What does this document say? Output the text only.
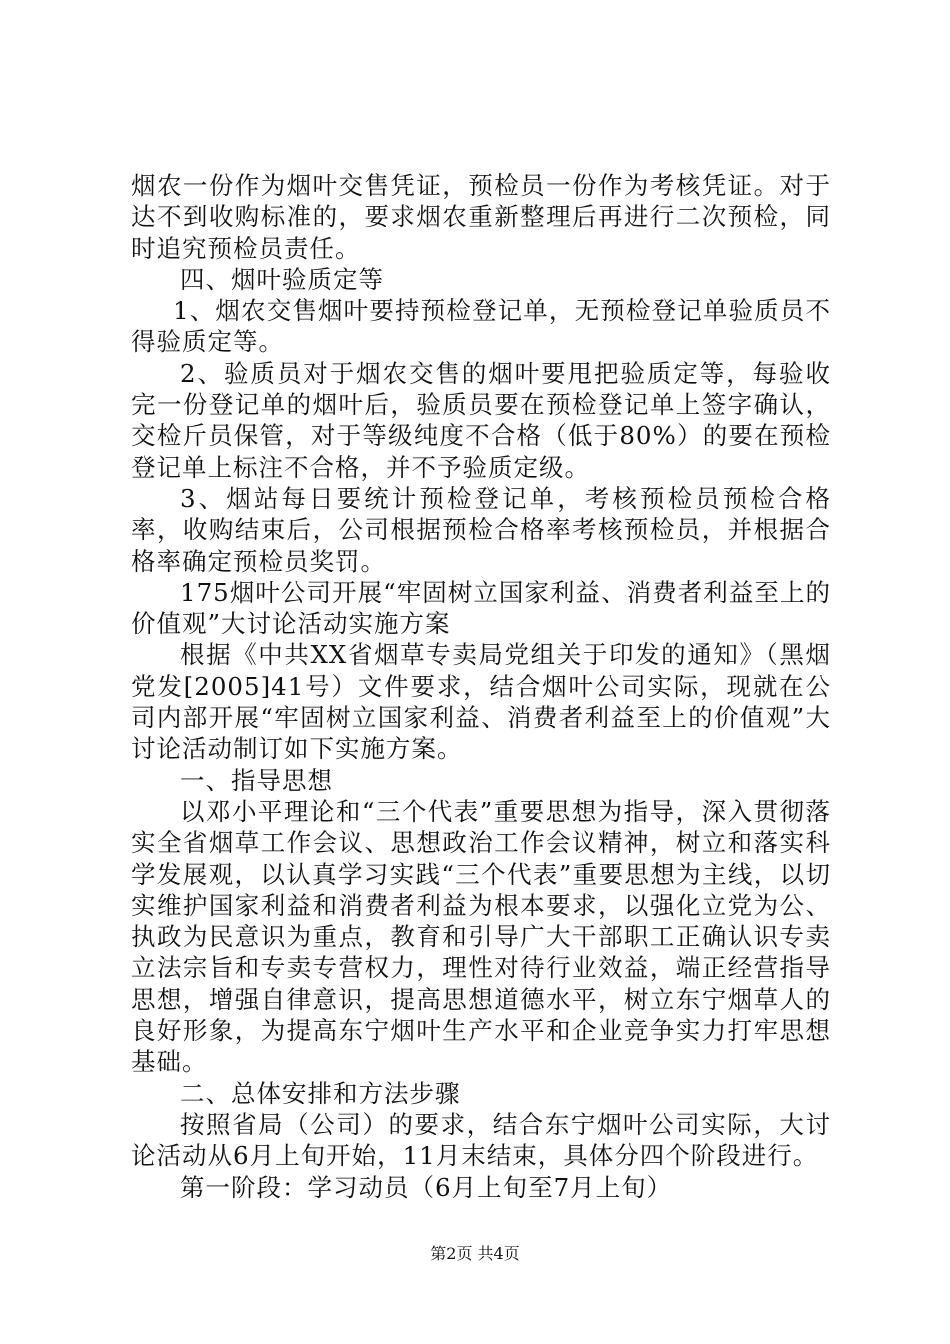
烟农一份作为烟叶交售凭证，预检员一份作为考核凭证。对于达不到收购标准的，要求烟农重新整理后再进行二次预检，同时追究预检员责任。

四、烟叶验质定等

1、烟农交售烟叶要持预检登记单，无预检登记单验质员不得验质定等。

2、验质员对于烟农交售的烟叶要甩把验质定等，每验收完一份登记单的烟叶后，验质员要在预检登记单上签字确认，交检斤员保管，对于等级纯度不合格（低于80%）的要在预检登记单上标注不合格，并不予验质定级。

3、烟站每日要统计预检登记单，考核预检员预检合格率，收购结束后，公司根据预检合格率考核预检员，并根据合格率确定预检员奖罚。

175烟叶公司开展“牢固树立国家利益、消费者利益至上的价值观”大讨论活动实施方案

根据《中共XX省烟草专卖局党组关于印发的通知》（黑烟党发[2005]41号）文件要求，结合烟叶公司实际，现就在公司内部开展“牢固树立国家利益、消费者利益至上的价值观”大讨论活动制订如下实施方案。

一、指导思想

以邓小平理论和“三个代表”重要思想为指导，深入贯彻落实全省烟草工作会议、思想政治工作会议精神，树立和落实科学发展观，以认真学习实践“三个代表”重要思想为主线，以切实维护国家利益和消费者利益为根本要求，以强化立党为公、执政为民意识为重点，教育和引导广大干部职工正确认识专卖立法宗旨和专卖专营权力，理性对待行业效益，端正经营指导思想，增强自律意识，提高思想道德水平，树立东宁烟草人的良好形象，为提高东宁烟叶生产水平和企业竞争实力打牢思想基础。

二、总体安排和方法步骤

按照省局（公司）的要求，结合东宁烟叶公司实际，大讨论活动从6月上旬开始，11月末结束，具体分四个阶段进行。

第一阶段：学习动员（6月上旬至7月上旬）

第2页 共4页
